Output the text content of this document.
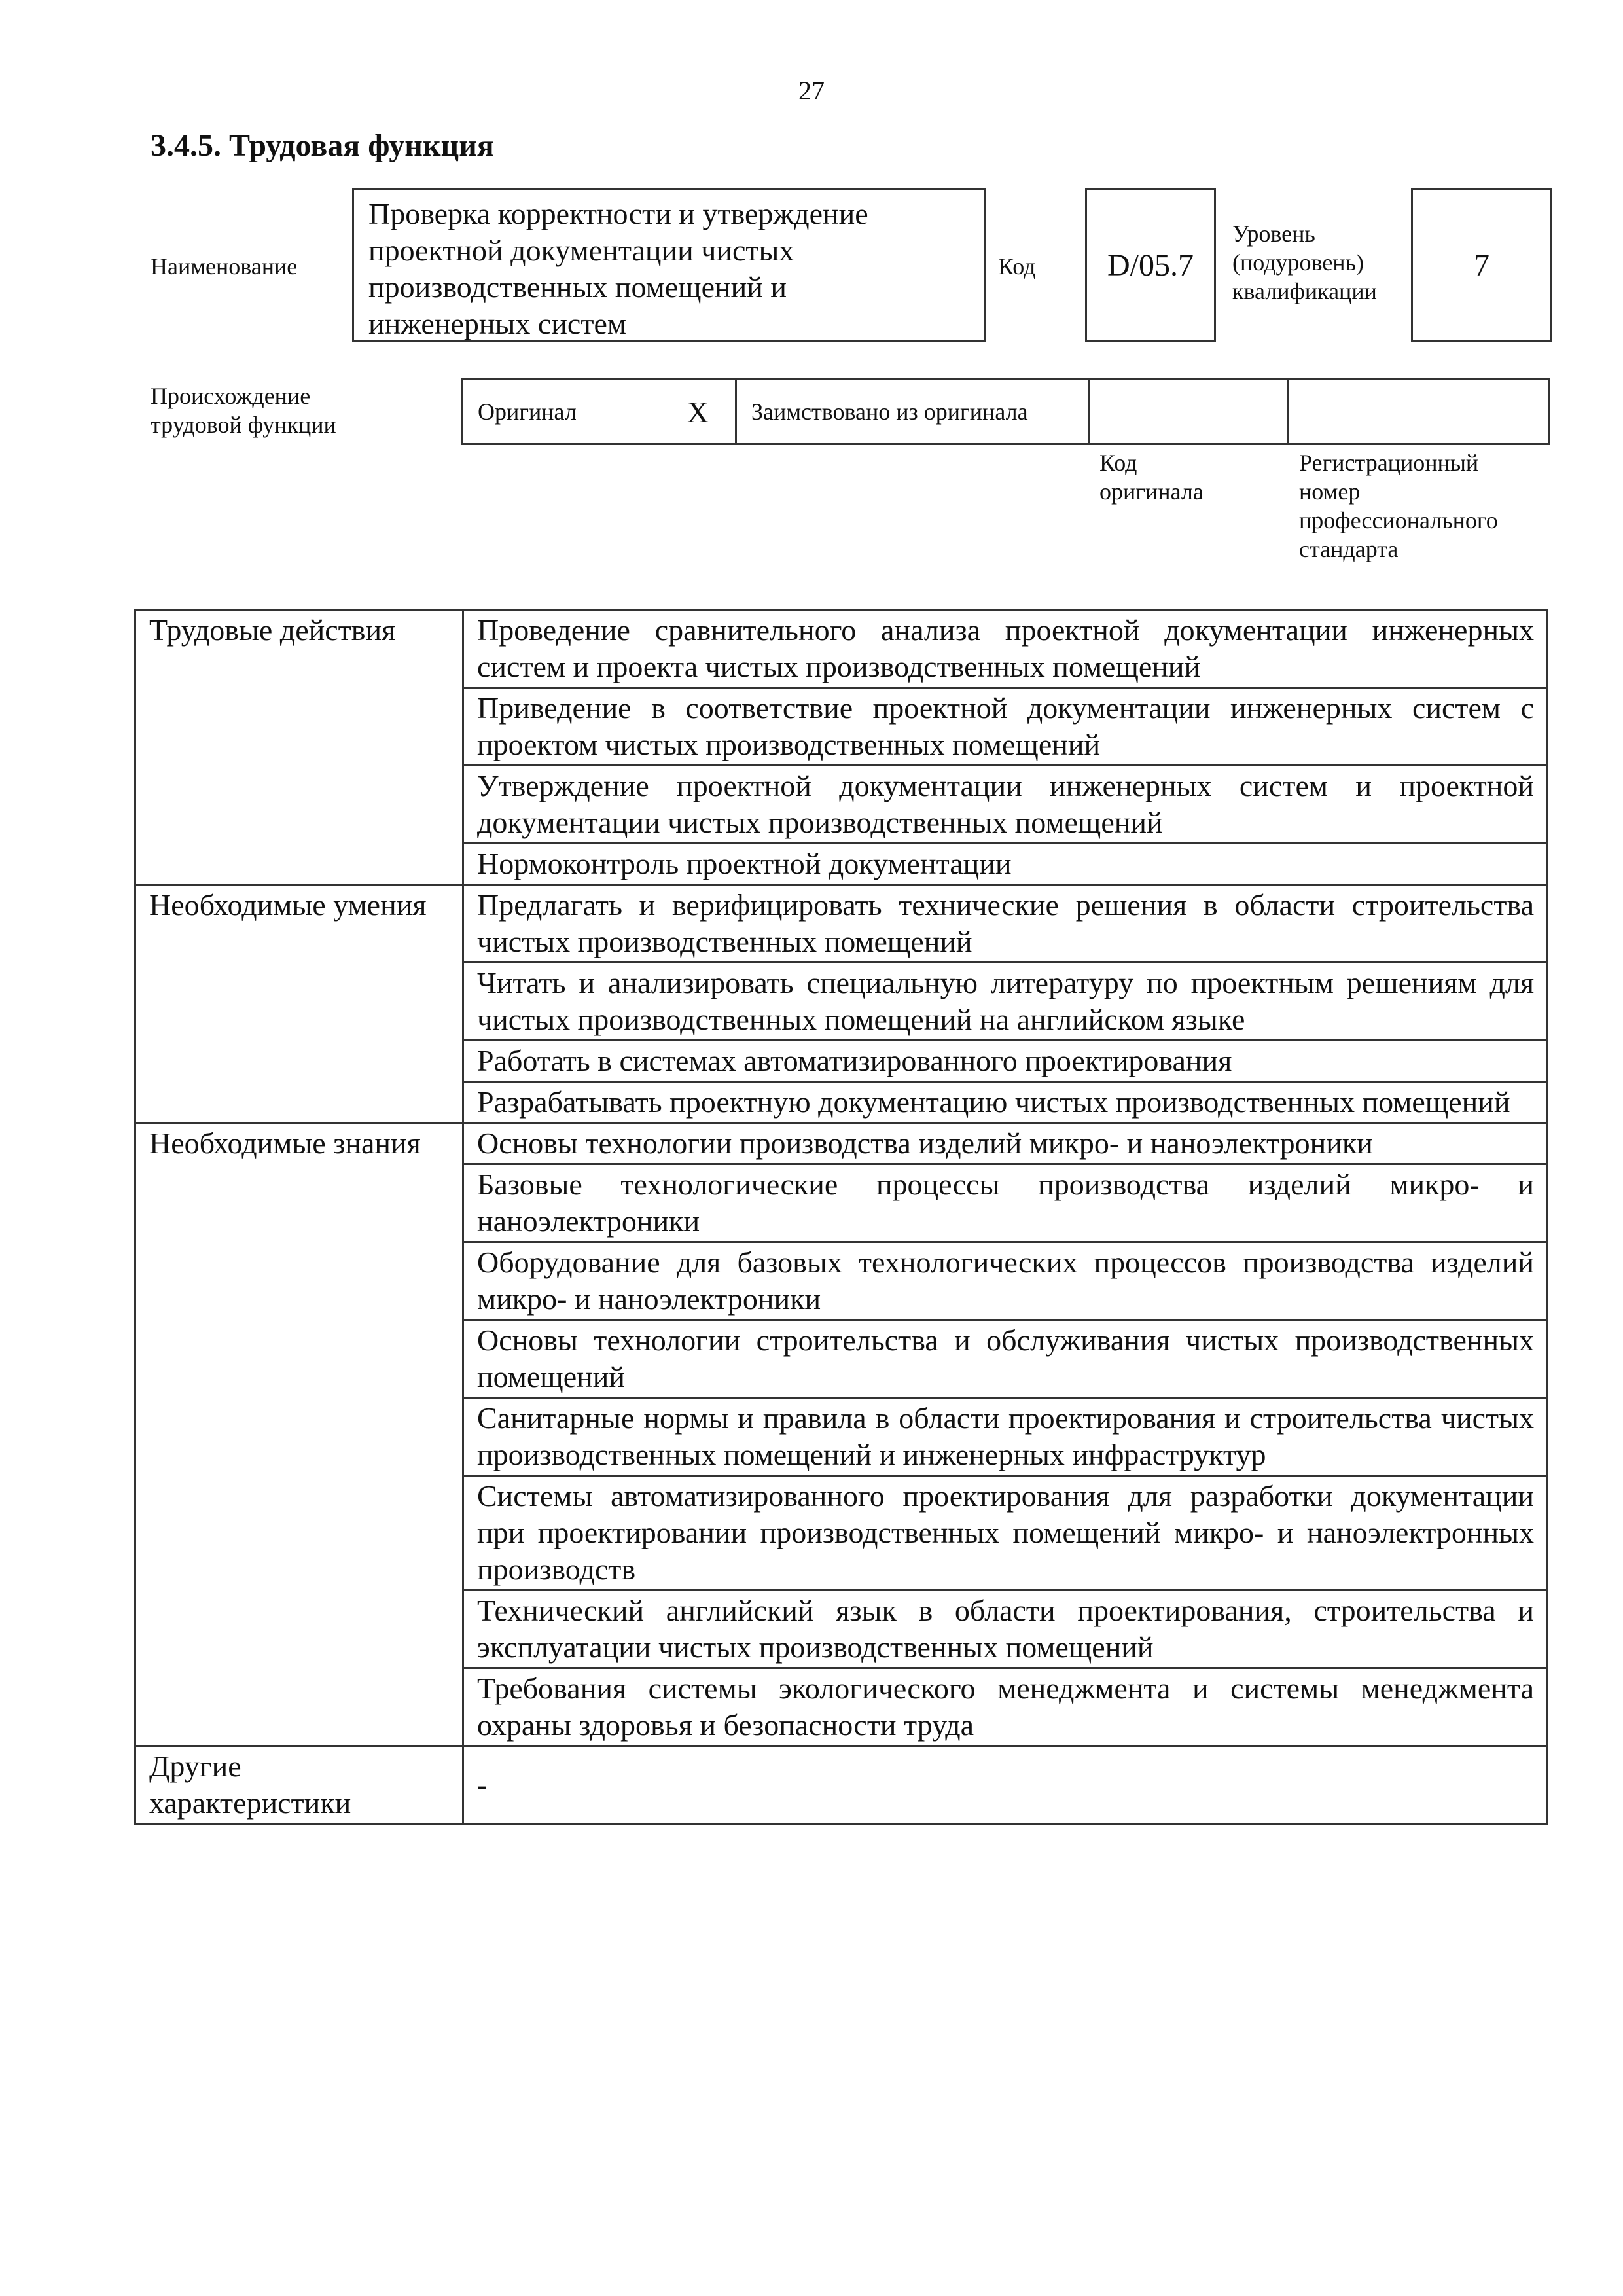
27
3.4.5. Трудовая функция
Наименование
Проверка корректности и утверждение
проектной документации чистых
производственных помещений и
инженерных систем
Код	D/05.7
Уровень
(подуровень)
квалификации
7
Происхождение
трудовой функции	Оригинал	X Заимствовано из оригинала
Код
оригинала
Регистрационный
номер
профессионального
стандарта
Трудовые действия	Проведение сравнительного анализа проектной документации инженерных систем и проекта чистых производственных помещений
	Приведение в соответствие проектной документации инженерных систем с проектом чистых производственных помещений
	Утверждение проектной документации инженерных систем и проектной документации чистых производственных помещений
	Нормоконтроль проектной документации
Необходимые умения	Предлагать и верифицировать технические решения в области строительства чистых производственных помещений
	Читать и анализировать специальную литературу по проектным решениям для чистых производственных помещений на английском языке
	Работать в системах автоматизированного проектирования
	Разрабатывать проектную документацию чистых производственных помещений
Необходимые знания	Основы технологии производства изделий микро- и наноэлектроники
	Базовые технологические процессы производства изделий микро- и наноэлектроники
	Оборудование для базовых технологических процессов производства изделий микро- и наноэлектроники
	Основы технологии строительства и обслуживания чистых производственных помещений
	Санитарные нормы и правила в области проектирования и строительства чистых производственных помещений и инженерных инфраструктур
	Системы автоматизированного проектирования для разработки документации при проектировании производственных помещений микро- и наноэлектронных производств
	Технический английский язык в области проектирования, строительства и эксплуатации чистых производственных помещений
	Требования системы экологического менеджмента и системы менеджмента охраны здоровья и безопасности труда
Другие характеристики	-
